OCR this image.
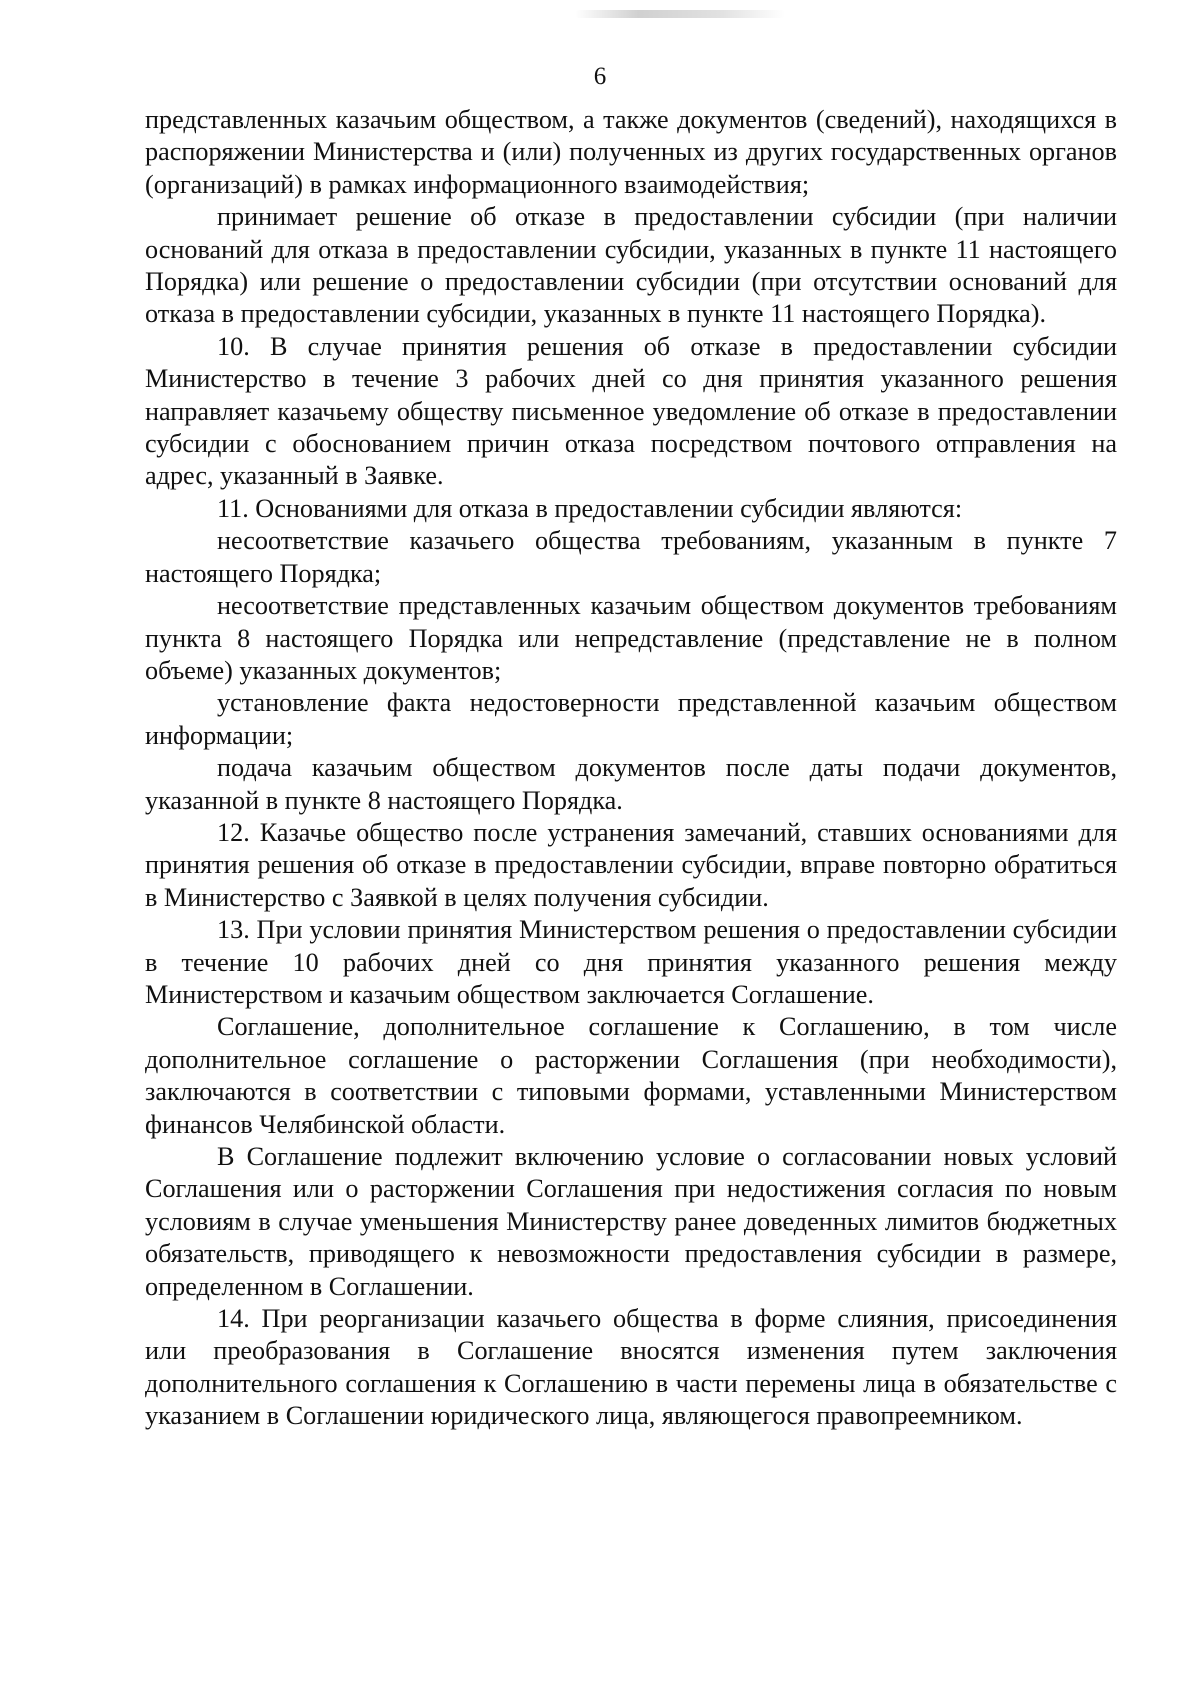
6

представленных казачьим обществом, а также документов (сведений), находящихся в распоряжении Министерства и (или) полученных из других государственных органов (организаций) в рамках информационного взаимодействия;

принимает решение об отказе в предоставлении субсидии (при наличии оснований для отказа в предоставлении субсидии, указанных в пункте 11 настоящего Порядка) или решение о предоставлении субсидии (при отсутствии оснований для отказа в предоставлении субсидии, указанных в пункте 11 настоящего Порядка).

10. В случае принятия решения об отказе в предоставлении субсидии Министерство в течение 3 рабочих дней со дня принятия указанного решения направляет казачьему обществу письменное уведомление об отказе в предоставлении субсидии с обоснованием причин отказа посредством почтового отправления на адрес, указанный в Заявке.

11. Основаниями для отказа в предоставлении субсидии являются:

несоответствие казачьего общества требованиям, указанным в пункте 7 настоящего Порядка;

несоответствие представленных казачьим обществом документов требованиям пункта 8 настоящего Порядка или непредставление (представление не в полном объеме) указанных документов;

установление факта недостоверности представленной казачьим обществом информации;

подача казачьим обществом документов после даты подачи документов, указанной в пункте 8 настоящего Порядка.

12. Казачье общество после устранения замечаний, ставших основаниями для принятия решения об отказе в предоставлении субсидии, вправе повторно обратиться в Министерство с Заявкой в целях получения субсидии.

13. При условии принятия Министерством решения о предоставлении субсидии в течение 10 рабочих дней со дня принятия указанного решения между Министерством и казачьим обществом заключается Соглашение.

Соглашение, дополнительное соглашение к Соглашению, в том числе дополнительное соглашение о расторжении Соглашения (при необходимости), заключаются в соответствии с типовыми формами, уставленными Министерством финансов Челябинской области.

В Соглашение подлежит включению условие о согласовании новых условий Соглашения или о расторжении Соглашения при недостижения согласия по новым условиям в случае уменьшения Министерству ранее доведенных лимитов бюджетных обязательств, приводящего к невозможности предоставления субсидии в размере, определенном в Соглашении.

14. При реорганизации казачьего общества в форме слияния, присоединения или преобразования в Соглашение вносятся изменения путем заключения дополнительного соглашения к Соглашению в части перемены лица в обязательстве с указанием в Соглашении юридического лица, являющегося правопреемником.
